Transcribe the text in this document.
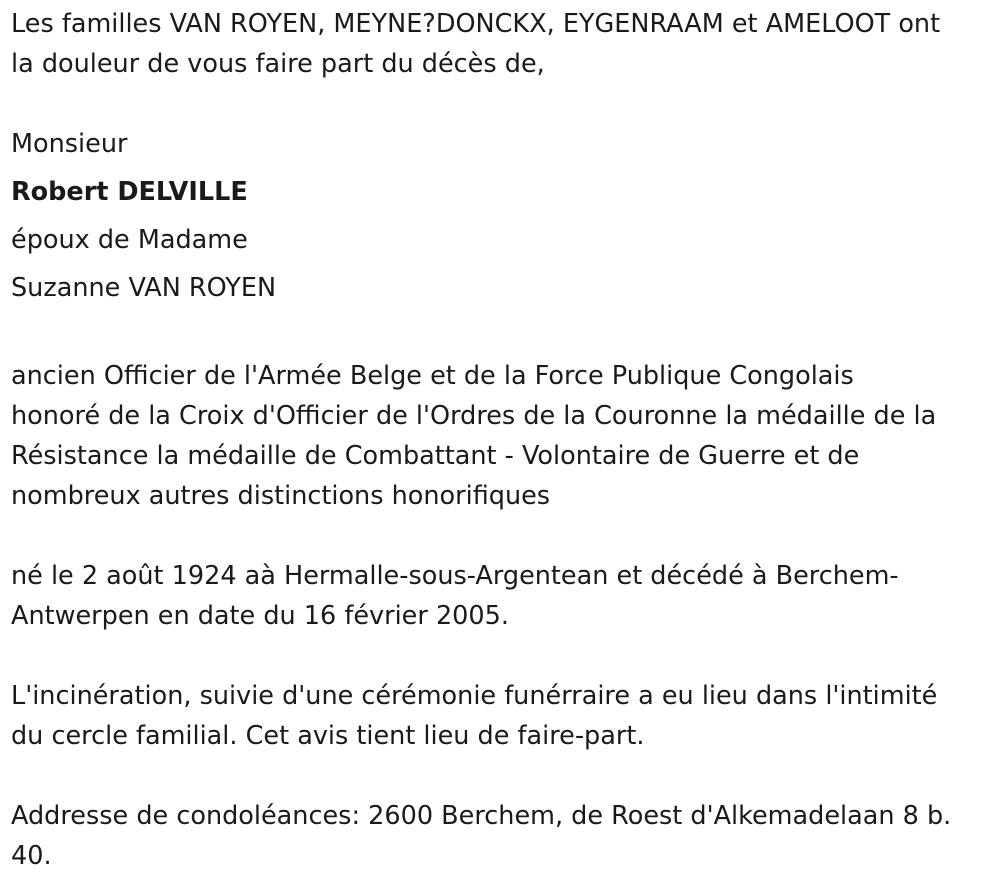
Les familles VAN ROYEN, MEYNE?DONCKX, EYGENRAAM et AMELOOT ont
la douleur de vous faire part du décès de,
Monsieur
Robert DELVILLE
époux de Madame
Suzanne VAN ROYEN
ancien Officier de l'Armée Belge et de la Force Publique Congolais
honoré de la Croix d'Officier de l'Ordres de la Couronne la médaille de la
Résistance la médaille de Combattant - Volontaire de Guerre et de
nombreux autres distinctions honorifiques
né le 2 août 1924 aà Hermalle-sous-Argentean et décédé à Berchem-
Antwerpen en date du 16 février 2005.
L'incinération, suivie d'une cérémonie funérraire a eu lieu dans l'intimité
du cercle familial. Cet avis tient lieu de faire-part.
Addresse de condoléances: 2600 Berchem, de Roest d'Alkemadelaan 8 b.
40.
